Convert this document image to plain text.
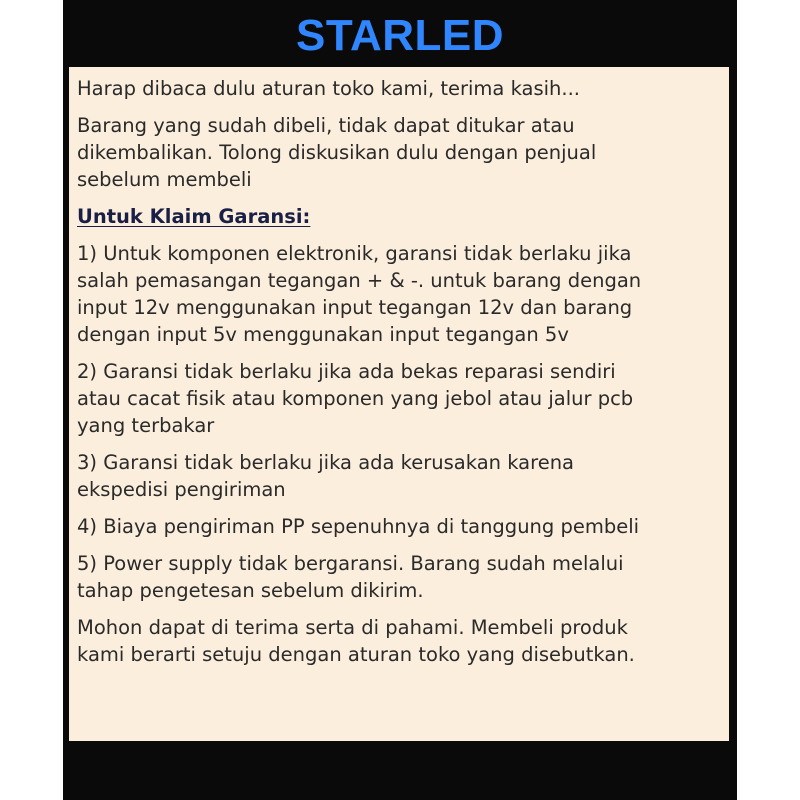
STARLED

Harap dibaca dulu aturan toko kami, terima kasih...

Barang yang sudah dibeli, tidak dapat ditukar atau
dikembalikan. Tolong diskusikan dulu dengan penjual
sebelum membeli

Untuk Klaim Garansi:

1) Untuk komponen elektronik, garansi tidak berlaku jika
salah pemasangan tegangan + & -. untuk barang dengan
input 12v menggunakan input tegangan 12v dan barang
dengan input 5v menggunakan input tegangan 5v

2) Garansi tidak berlaku jika ada bekas reparasi sendiri
atau cacat fisik atau komponen yang jebol atau jalur pcb
yang terbakar

3) Garansi tidak berlaku jika ada kerusakan karena
ekspedisi pengiriman

4) Biaya pengiriman PP sepenuhnya di tanggung pembeli

5) Power supply tidak bergaransi. Barang sudah melalui
tahap pengetesan sebelum dikirim.

Mohon dapat di terima serta di pahami. Membeli produk
kami berarti setuju dengan aturan toko yang disebutkan.
